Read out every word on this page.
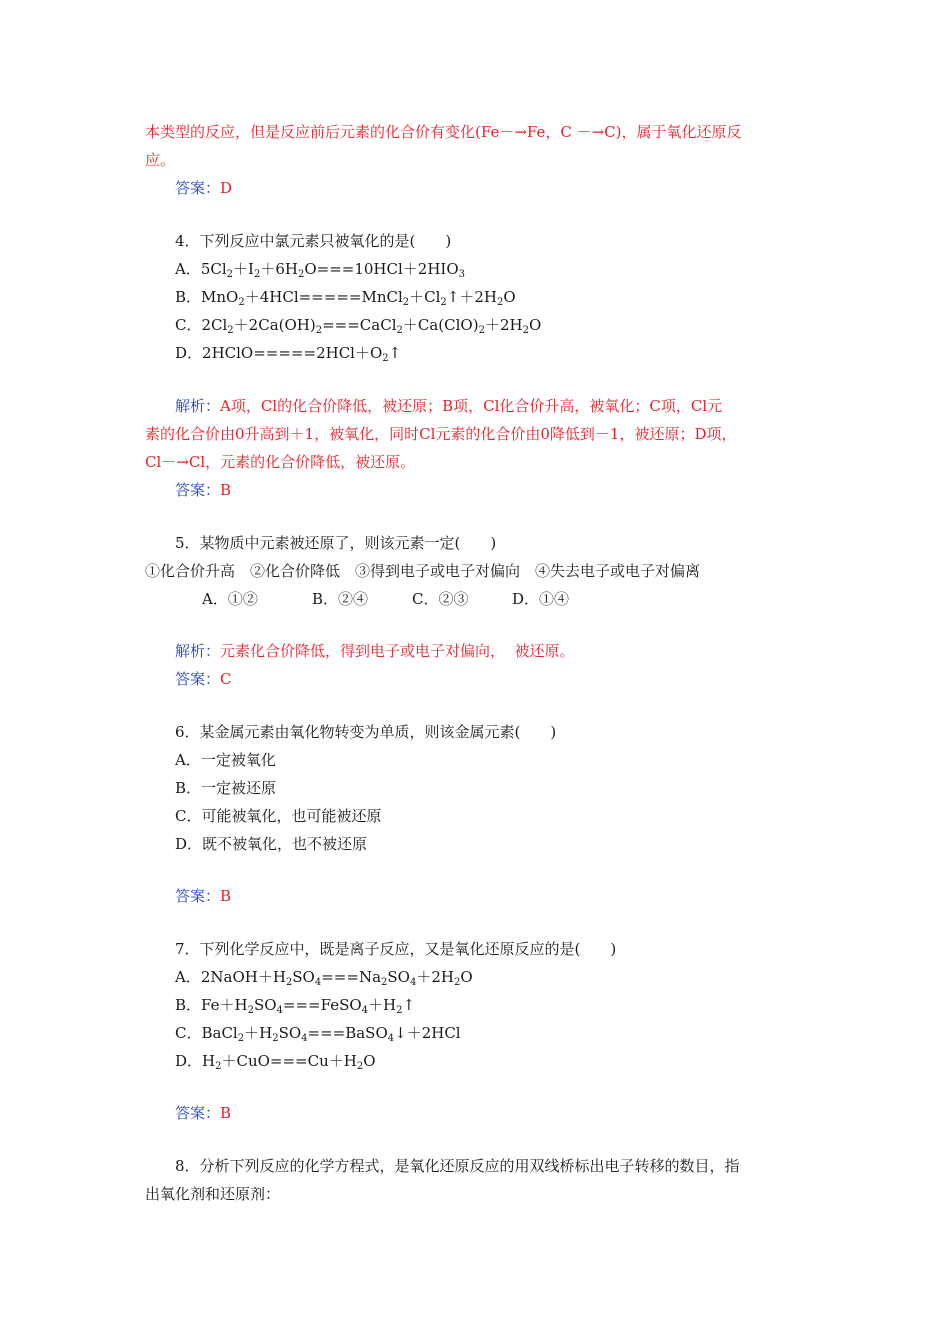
本类型的反应，但是反应前后元素的化合价有变化(Fe－→Fe，C －→C)，属于氧化还原反
应。
答案：D
4．下列反应中氯元素只被氧化的是(　　)
A．$5Cl_2+I_2+6H_2O===10HCl+2HIO_3$
B．$MnO_2+4HCl=====MnCl_2+Cl_2↑+2H_2O$
C．$2Cl_2+2Ca(OH)_2===CaCl_2+Ca(ClO)_2+2H_2O$
D．$2HClO=====2HCl+O_2↑$
解析：A项，Cl的化合价降低，被还原；B项，Cl化合价升高，被氧化；C项，Cl元
素的化合价由0升高到＋1，被氧化，同时Cl元素的化合价由0降低到－1，被还原；D项，
Cl－→Cl，元素的化合价降低，被还原。
答案：B
5．某物质中元素被还原了，则该元素一定(　　)
①化合价升高　②化合价降低　③得到电子或电子对偏向　④失去电子或电子对偏离
A．①②	B．②④	C．②③	D．①④
解析：元素化合价降低，得到电子或电子对偏向，  被还原。
答案：C
6．某金属元素由氧化物转变为单质，则该金属元素(　　)
A．一定被氧化
B．一定被还原
C．可能被氧化，也可能被还原
D．既不被氧化，也不被还原
答案：B
7．下列化学反应中，既是离子反应，又是氧化还原反应的是(　　)
A．$2NaOH+H_2SO_4===Na_2SO_4+2H_2O$
B．$Fe+H_2SO_4===FeSO_4+H_2↑$
C．$BaCl_2+H_2SO_4===BaSO_4↓+2HCl$
D．$H_2+CuO===Cu+H_2O$
答案：B
8．分析下列反应的化学方程式，是氧化还原反应的用双线桥标出电子转移的数目，指
出氧化剂和还原剂：
